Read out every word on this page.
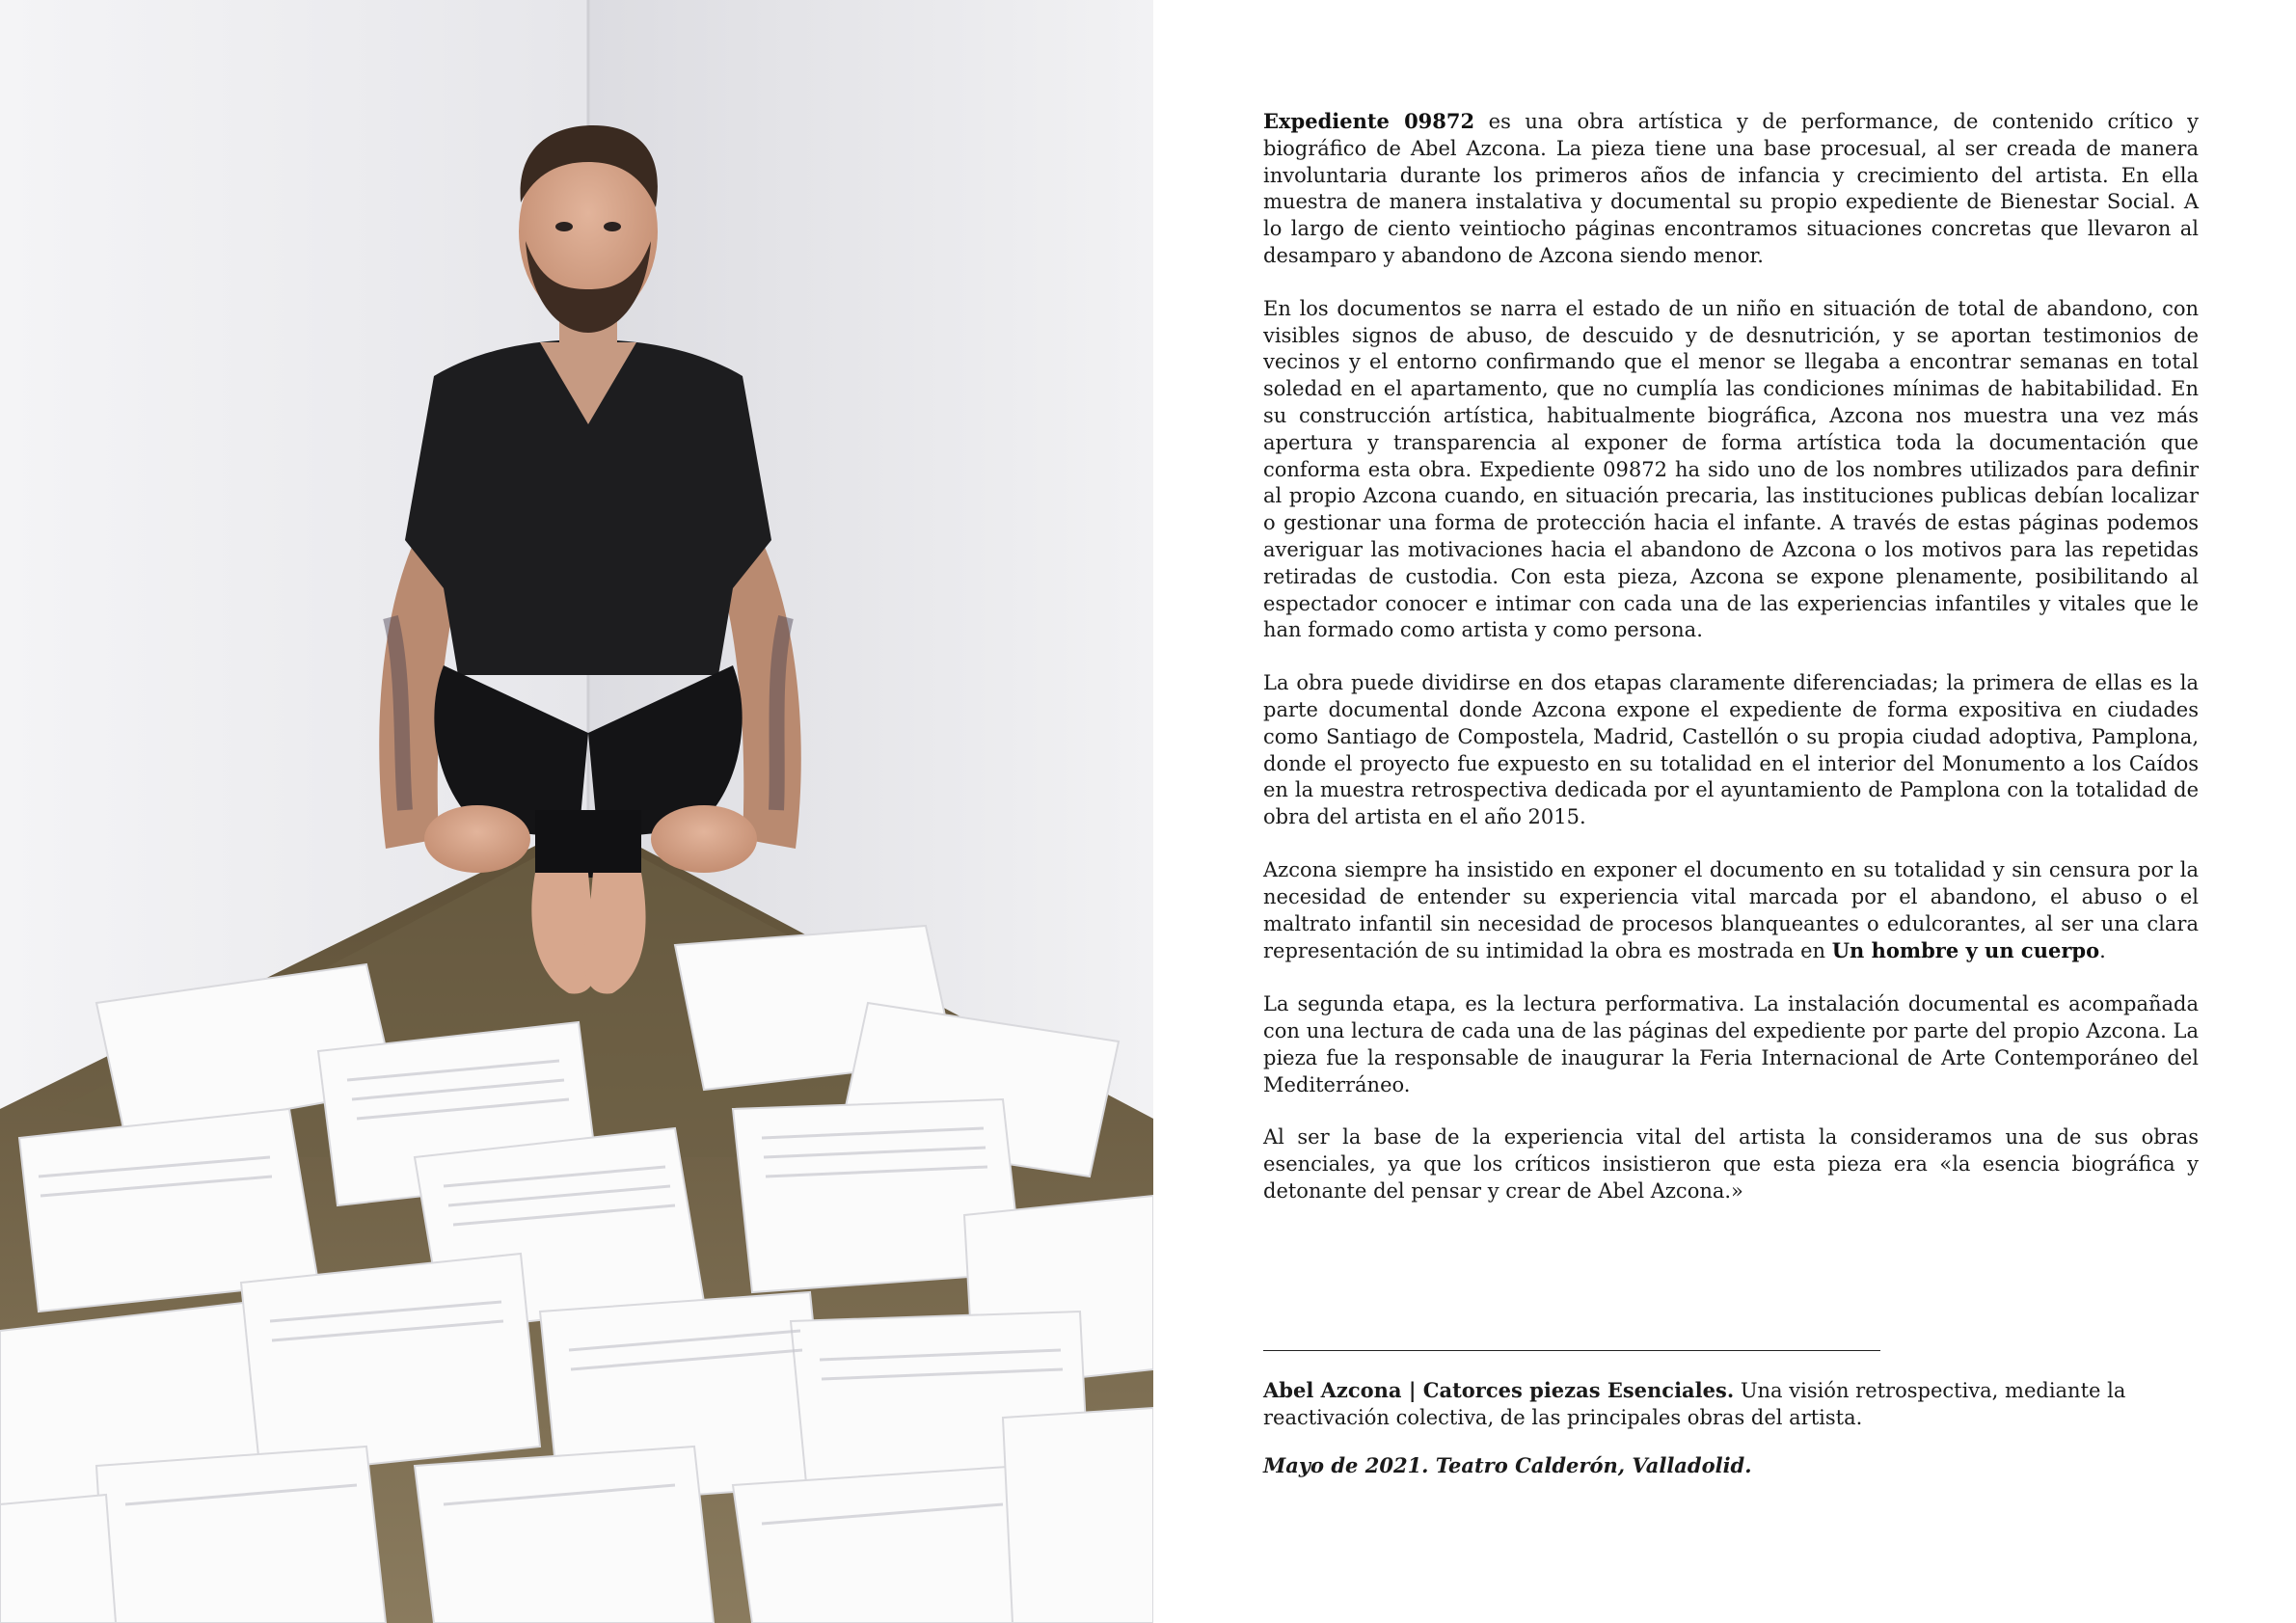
Expediente 09872 es una obra artística y de performance, de contenido crítico y biográfico de Abel Azcona. La pieza tiene una base procesual, al ser creada de manera involuntaria durante los primeros años de infancia y crecimiento del artista. En ella muestra de manera instalativa y documental su propio expediente de Bienestar Social. A lo largo de ciento veintiocho páginas encontramos situaciones concretas que llevaron al desamparo y abandono de Azcona siendo menor.

En los documentos se narra el estado de un niño en situación de total de abandono, con visibles signos de abuso, de descuido y de desnutrición, y se aportan testimonios de vecinos y el entorno confirmando que el menor se llegaba a encontrar semanas en total soledad en el apartamento, que no cumplía las condiciones mínimas de habitabilidad. En su construcción artística, habitualmente biográfica, Azcona nos muestra una vez más apertura y transparencia al exponer de forma artística toda la documentación que conforma esta obra. Expediente 09872 ha sido uno de los nombres utilizados para definir al propio Azcona cuando, en situación precaria, las instituciones publicas debían localizar o gestionar una forma de protección hacia el infante. A través de estas páginas podemos averiguar las motivaciones hacia el abandono de Azcona o los motivos para las repetidas retiradas de custodia. Con esta pieza, Azcona se expone plenamente, posibilitando al espectador conocer e intimar con cada una de las experiencias infantiles y vitales que le han formado como artista y como persona.

La obra puede dividirse en dos etapas claramente diferenciadas; la primera de ellas es la parte documental donde Azcona expone el expediente de forma expositiva en ciudades como Santiago de Compostela, Madrid, Castellón o su propia ciudad adoptiva, Pamplona, donde el proyecto fue expuesto en su totalidad en el interior del Monumento a los Caídos en la muestra retrospectiva dedicada por el ayuntamiento de Pamplona con la totalidad de obra del artista en el año 2015.

Azcona siempre ha insistido en exponer el documento en su totalidad y sin censura por la necesidad de entender su experiencia vital marcada por el abandono, el abuso o el maltrato infantil sin necesidad de procesos blanqueantes o edulcorantes, al ser una clara representación de su intimidad la obra es mostrada en Un hombre y un cuerpo.

La segunda etapa, es la lectura performativa. La instalación documental es acompañada con una lectura de cada una de las páginas del expediente por parte del propio Azcona. La pieza fue la responsable de inaugurar la Feria Internacional de Arte Contemporáneo del Mediterráneo.

Al ser la base de la experiencia vital del artista la consideramos una de sus obras esenciales, ya que los críticos insistieron que esta pieza era «la esencia biográfica y detonante del pensar y crear de Abel Azcona.»

Abel Azcona | Catorces piezas Esenciales. Una visión retrospectiva, mediante la reactivación colectiva, de las principales obras del artista.

Mayo de 2021. Teatro Calderón, Valladolid.
